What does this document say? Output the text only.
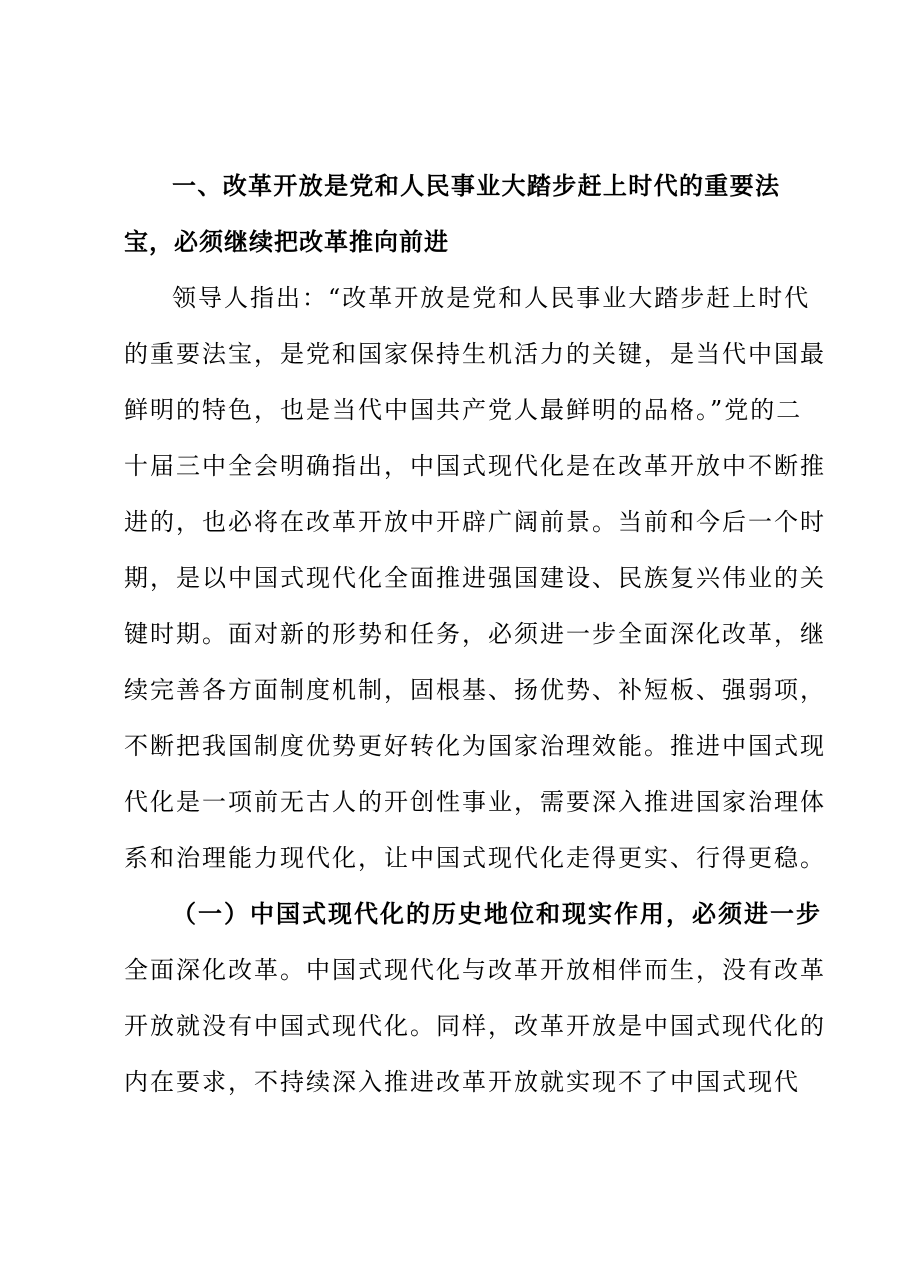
一、改革开放是党和人民事业大踏步赶上时代的重要法
宝，必须继续把改革推向前进
领导人指出：“改革开放是党和人民事业大踏步赶上时代
的重要法宝，是党和国家保持生机活力的关键，是当代中国最
鲜明的特色，也是当代中国共产党人最鲜明的品格。”党的二
十届三中全会明确指出，中国式现代化是在改革开放中不断推
进的，也必将在改革开放中开辟广阔前景。当前和今后一个时
期，是以中国式现代化全面推进强国建设、民族复兴伟业的关
键时期。面对新的形势和任务，必须进一步全面深化改革，继
续完善各方面制度机制，固根基、扬优势、补短板、强弱项，
不断把我国制度优势更好转化为国家治理效能。推进中国式现
代化是一项前无古人的开创性事业，需要深入推进国家治理体
系和治理能力现代化，让中国式现代化走得更实、行得更稳。
（一）中国式现代化的历史地位和现实作用，必须进一步
全面深化改革。中国式现代化与改革开放相伴而生，没有改革
开放就没有中国式现代化。同样，改革开放是中国式现代化的
内在要求，不持续深入推进改革开放就实现不了中国式现代
